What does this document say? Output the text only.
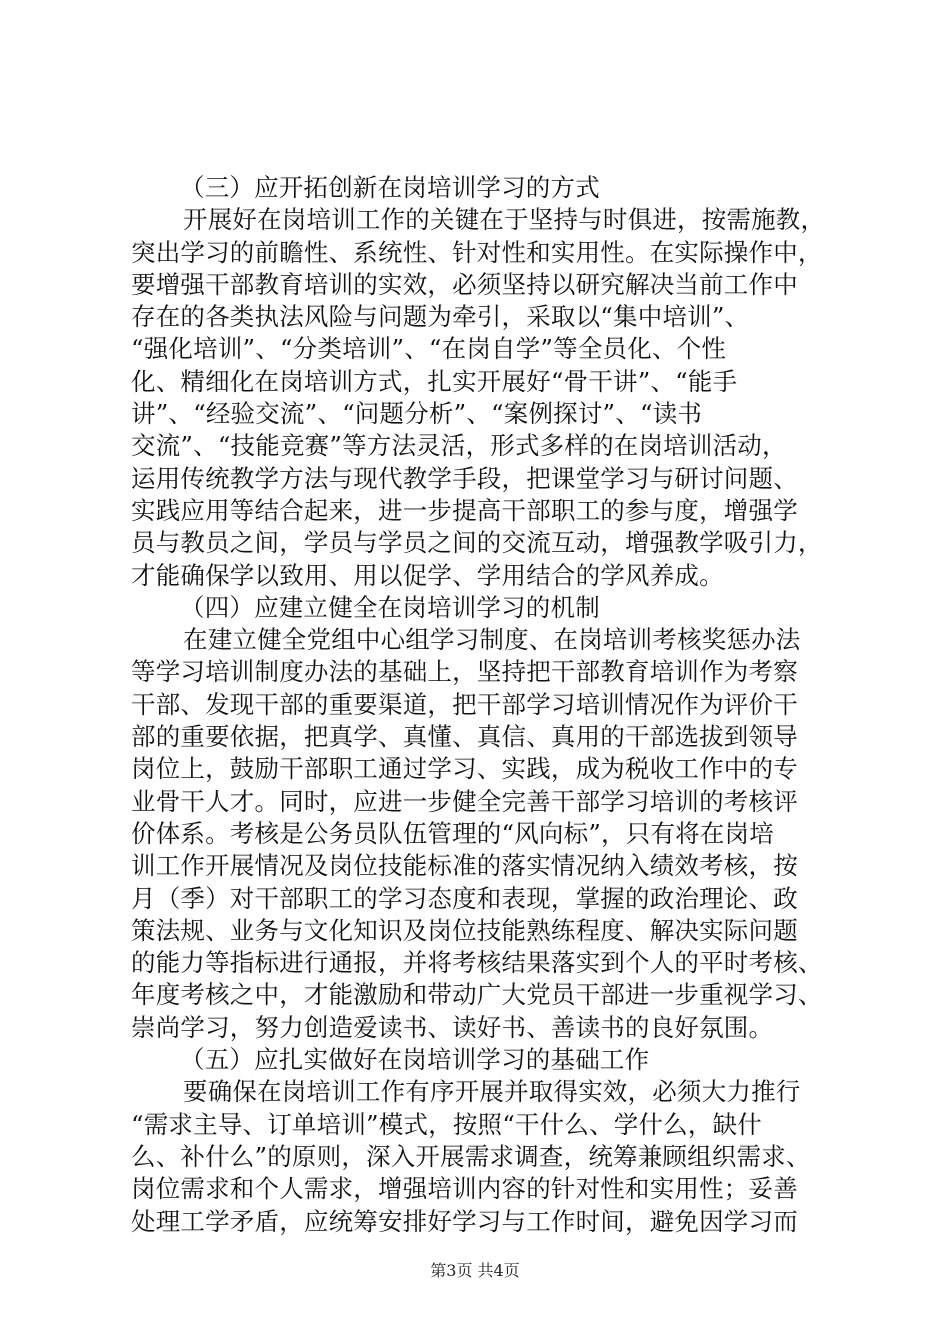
（三）应开拓创新在岗培训学习的方式
开展好在岗培训工作的关键在于坚持与时俱进，按需施教，
突出学习的前瞻性、系统性、针对性和实用性。在实际操作中，
要增强干部教育培训的实效，必须坚持以研究解决当前工作中
存在的各类执法风险与问题为牵引，采取以“集中培训”、
“强化培训”、“分类培训”、“在岗自学”等全员化、个性
化、精细化在岗培训方式，扎实开展好“骨干讲”、“能手
讲”、“经验交流”、“问题分析”、“案例探讨”、“读书
交流”、“技能竞赛”等方法灵活，形式多样的在岗培训活动，
运用传统教学方法与现代教学手段，把课堂学习与研讨问题、
实践应用等结合起来，进一步提高干部职工的参与度，增强学
员与教员之间，学员与学员之间的交流互动，增强教学吸引力，
才能确保学以致用、用以促学、学用结合的学风养成。
（四）应建立健全在岗培训学习的机制
在建立健全党组中心组学习制度、在岗培训考核奖惩办法
等学习培训制度办法的基础上，坚持把干部教育培训作为考察
干部、发现干部的重要渠道，把干部学习培训情况作为评价干
部的重要依据，把真学、真懂、真信、真用的干部选拔到领导
岗位上，鼓励干部职工通过学习、实践，成为税收工作中的专
业骨干人才。同时，应进一步健全完善干部学习培训的考核评
价体系。考核是公务员队伍管理的“风向标”，只有将在岗培
训工作开展情况及岗位技能标准的落实情况纳入绩效考核，按
月（季）对干部职工的学习态度和表现，掌握的政治理论、政
策法规、业务与文化知识及岗位技能熟练程度、解决实际问题
的能力等指标进行通报，并将考核结果落实到个人的平时考核、
年度考核之中，才能激励和带动广大党员干部进一步重视学习、
崇尚学习，努力创造爱读书、读好书、善读书的良好氛围。
（五）应扎实做好在岗培训学习的基础工作
要确保在岗培训工作有序开展并取得实效，必须大力推行
“需求主导、订单培训”模式，按照“干什么、学什么，缺什
么、补什么”的原则，深入开展需求调查，统筹兼顾组织需求、
岗位需求和个人需求，增强培训内容的针对性和实用性；妥善
处理工学矛盾，应统筹安排好学习与工作时间，避免因学习而
第3页 共4页
